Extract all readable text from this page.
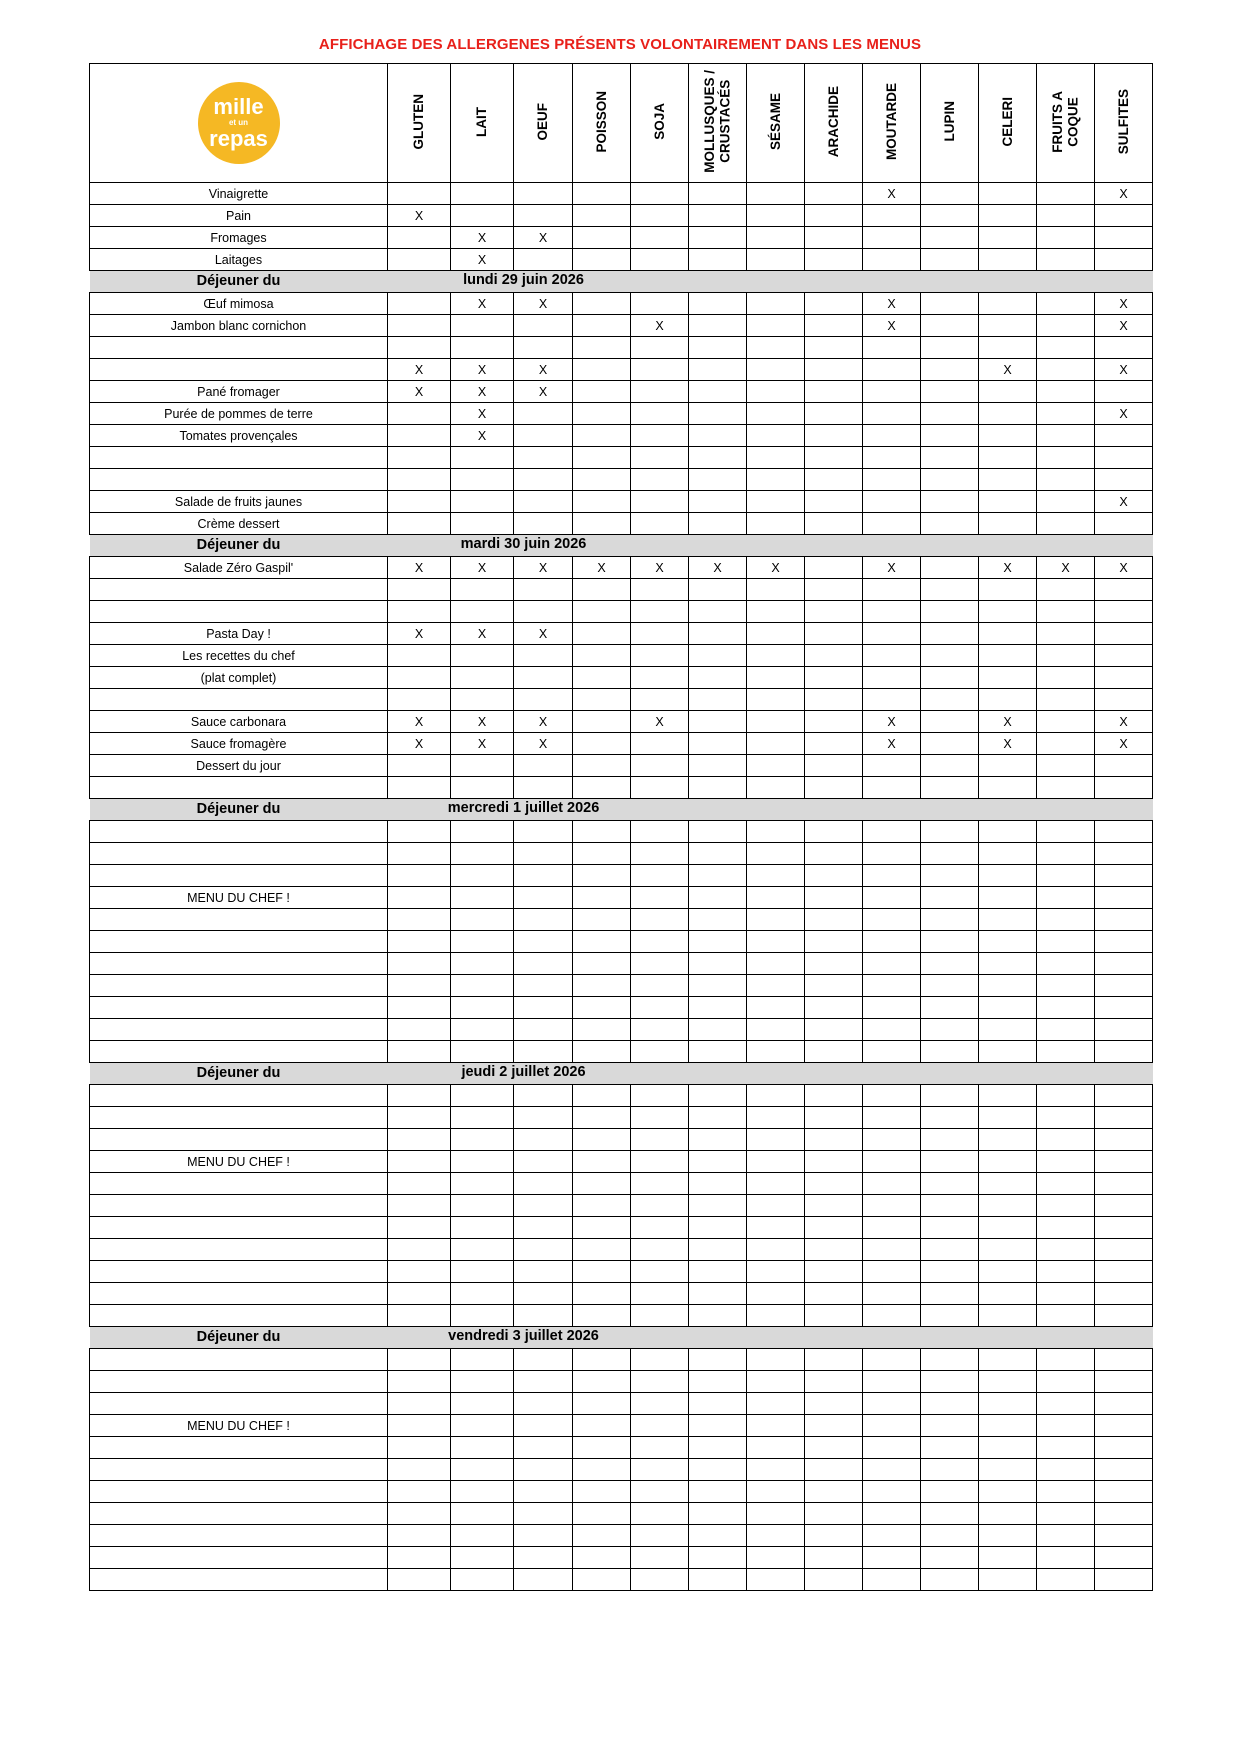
AFFICHAGE DES ALLERGENES PRÉSENTS VOLONTAIREMENT DANS LES MENUS
mille
et un
repas	GLUTEN	LAIT	OEUF	POISSON	SOJA	MOLLUSQUES /
CRUSTACÉS	SÉSAME	ARACHIDE	MOUTARDE	LUPIN	CELERI	FRUITS A
COQUE	SULFITES
Vinaigrette									X				X
Pain	X												
Fromages		X	X										
Laitages		X											

Déjeuner du lundi 29 juin 2026													

Œuf mimosa		X	X						X				X
Jambon blanc cornichon					X				X				X

	X	X	X								X		X
Pané fromager	X	X	X										
Purée de pommes de terre		X											X
Tomates provençales		X											

Salade de fruits jaunes													X
Crème dessert													

Déjeuner du mardi 30 juin 2026													

Salade Zéro Gaspil'	X	X	X	X	X	X	X		X		X	X	X

Pasta Day !	X	X	X										
Les recettes du chef													
(plat complet)													

Sauce carbonara	X	X	X		X				X		X		X
Sauce fromagère	X	X	X						X		X		X
Dessert du jour													

Déjeuner du mercredi 1 juillet 2026													

MENU DU CHEF !													

Déjeuner du jeudi 2 juillet 2026													

MENU DU CHEF !													

Déjeuner du vendredi 3 juillet 2026													

MENU DU CHEF !													
